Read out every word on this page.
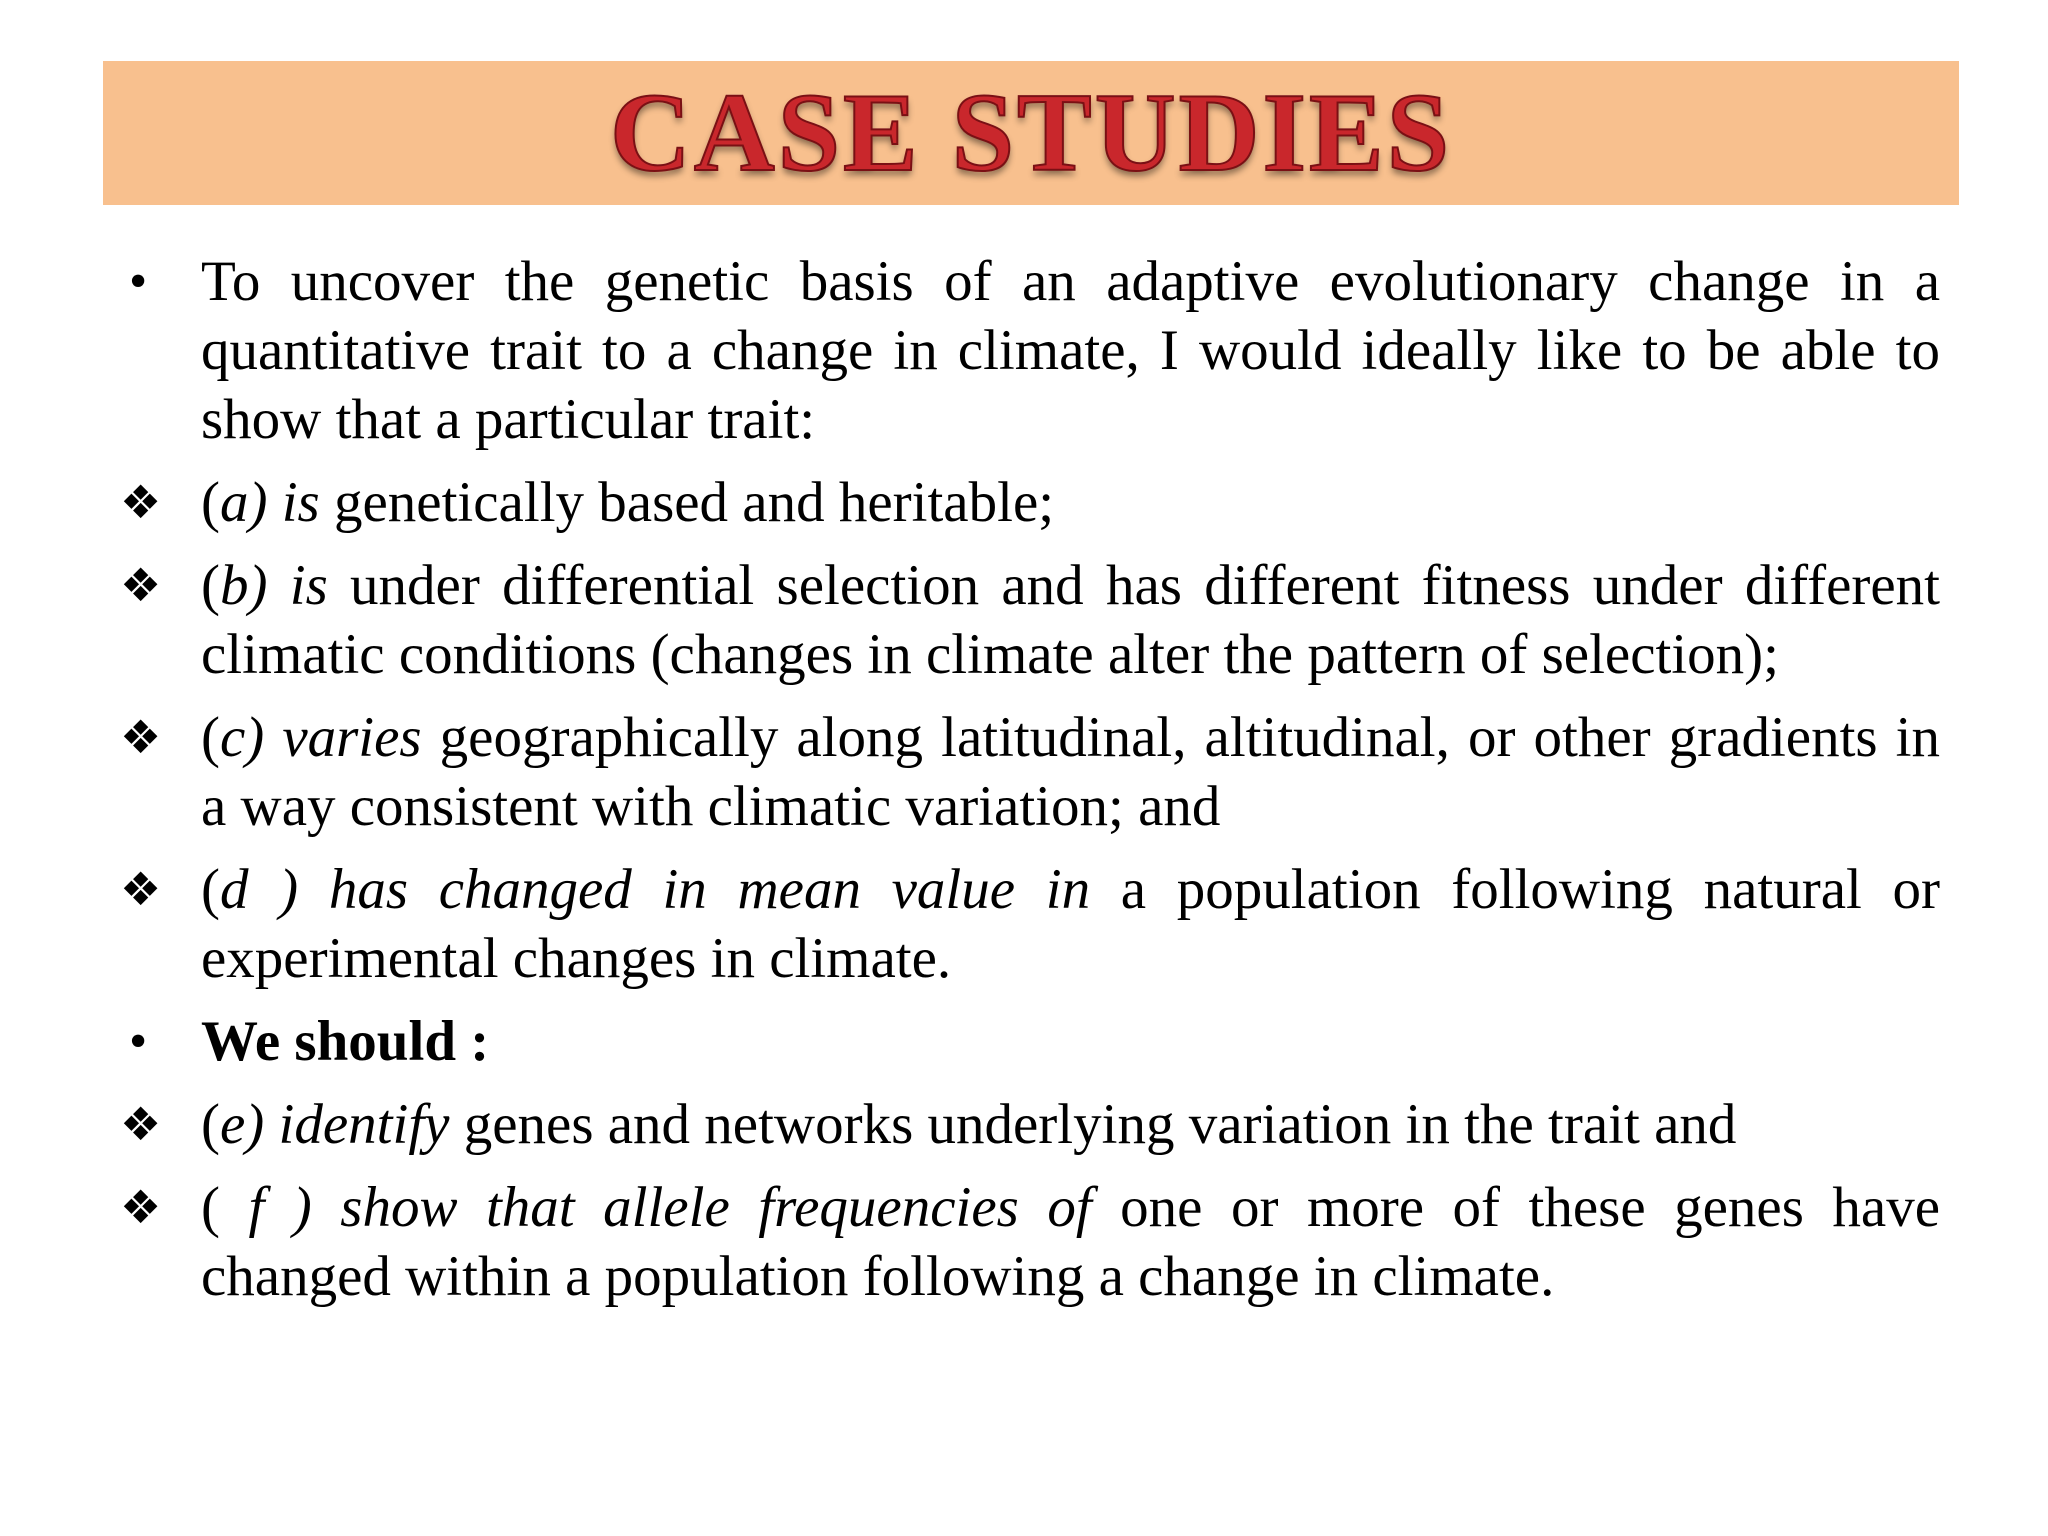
CASE STUDIES
• To uncover the genetic basis of an adaptive evolutionary change in a quantitative trait to a change in climate, I would ideally like to be able to show that a particular trait:
❖ (a) is genetically based and heritable;
❖ (b) is under differential selection and has different fitness under different climatic conditions (changes in climate alter the pattern of selection);
❖ (c) varies geographically along latitudinal, altitudinal, or other gradients in a way consistent with climatic variation; and
❖ (d ) has changed in mean value in a population following natural or experimental changes in climate.
• We should :
❖ (e) identify genes and networks underlying variation in the trait and
❖ ( f ) show that allele frequencies of one or more of these genes have changed within a population following a change in climate.
